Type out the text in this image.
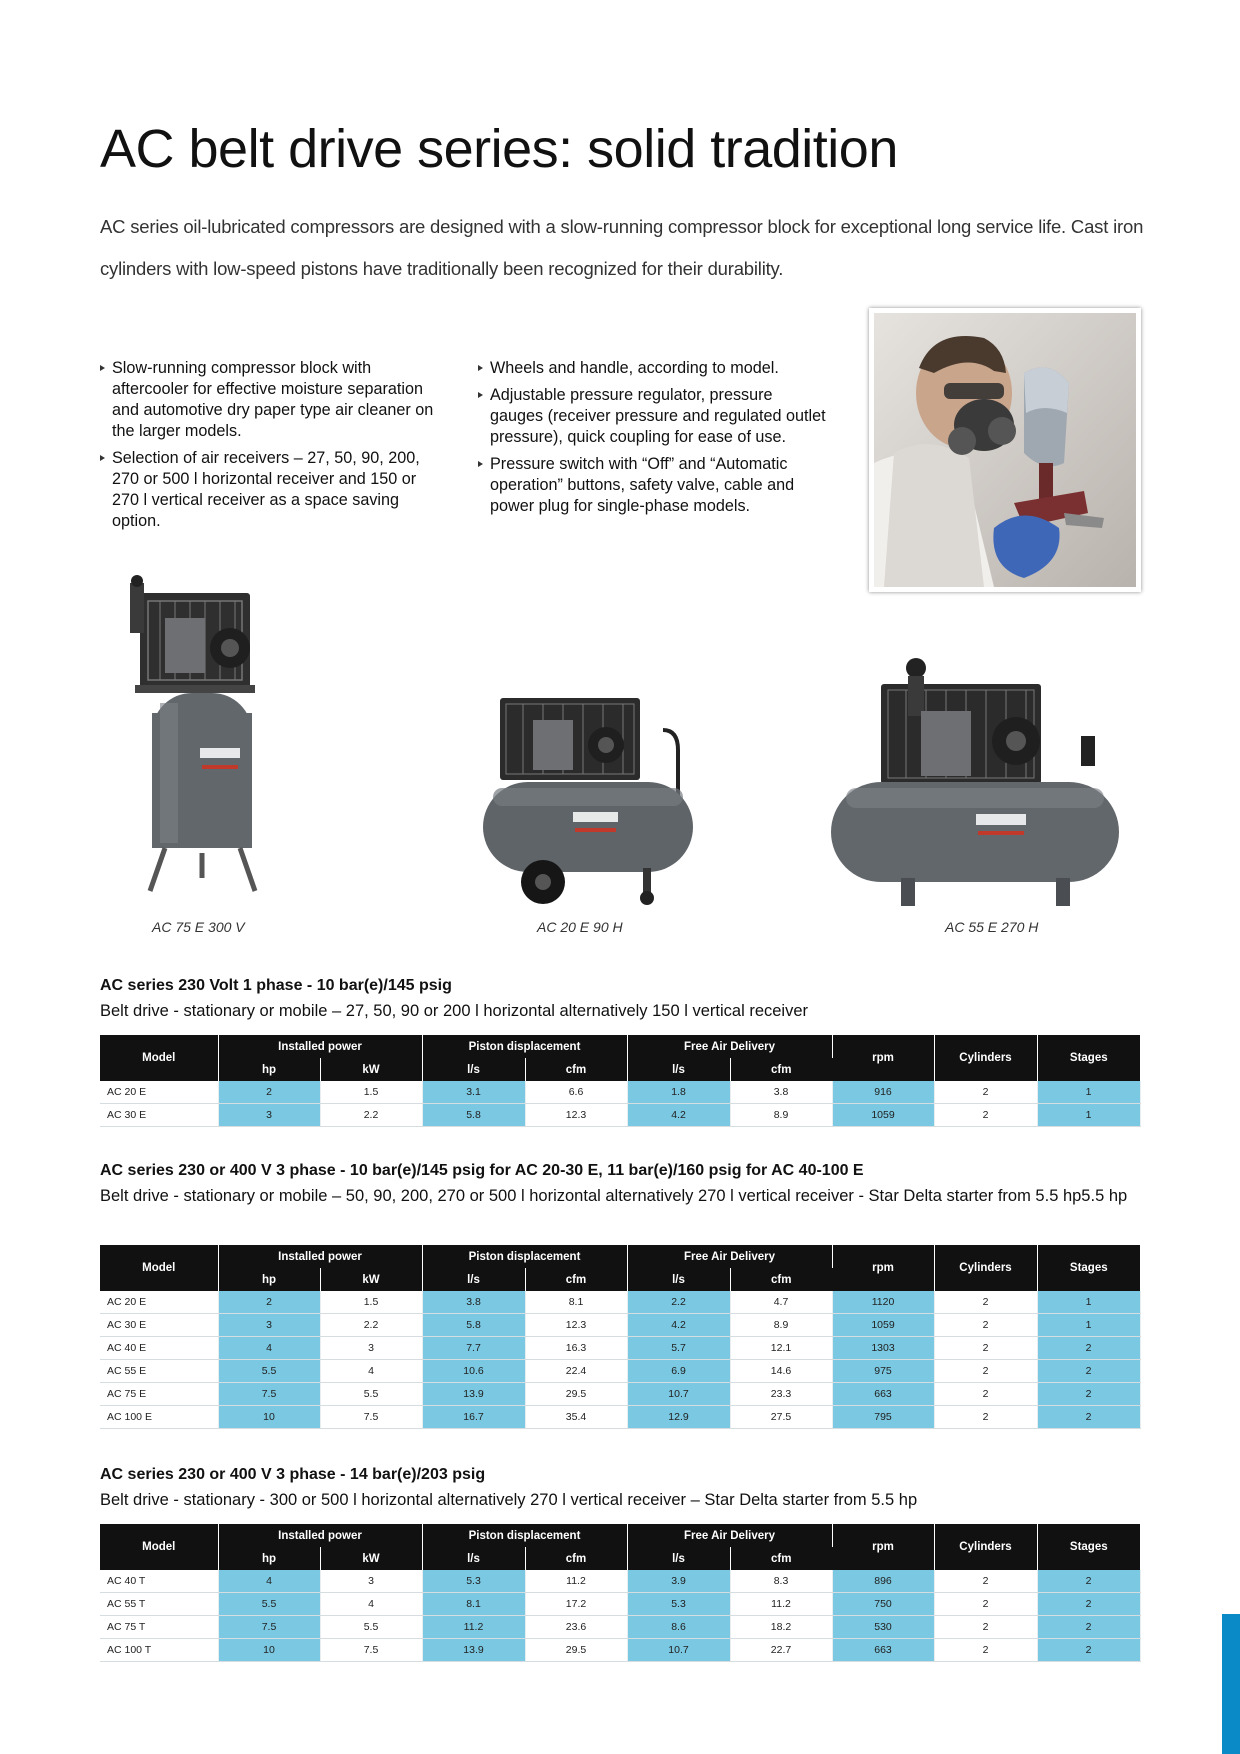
AC belt drive series: solid tradition

AC series oil-lubricated compressors are designed with a slow-running compressor block for exceptional long service life. Cast iron cylinders with low-speed pistons have traditionally been recognized for their durability.

Slow-running compressor block with aftercooler for effective moisture separation and automotive dry paper type air cleaner on the larger models.
Selection of air receivers – 27, 50, 90, 200, 270 or 500 l horizontal receiver and 150 or 270 l vertical receiver as a space saving option.
Wheels and handle, according to model.
Adjustable pressure regulator, pressure gauges (receiver pressure and regulated outlet pressure), quick coupling for ease of use.
Pressure switch with “Off” and “Automatic operation” buttons, safety valve, cable and power plug for single-phase models.
AC 75 E 300 V	AC 20 E 90 H	AC 55 E 270 H
AC series 230 Volt 1 phase - 10 bar(e)/145 psig
Belt drive - stationary or mobile – 27, 50, 90 or 200 l horizontal alternatively 150 l vertical receiver
Model	Installed power		Piston displacement		Free Air Delivery		rpm	Cylinders	Stages
	hp	kW	l/s	cfm	l/s	cfm			
AC 20 E	2	1.5	3.1	6.6	1.8	3.8	916	2	1
AC 30 E	3	2.2	5.8	12.3	4.2	8.9	1059	2	1
AC series 230 or 400 V 3 phase - 10 bar(e)/145 psig for AC 20-30 E, 11 bar(e)/160 psig for AC 40-100 E
Belt drive - stationary or mobile – 50, 90, 200, 270 or 500 l horizontal alternatively 270 l vertical receiver - Star Delta starter from 5.5 hp5.5 hp
Model	Installed power		Piston displacement		Free Air Delivery		rpm	Cylinders	Stages
	hp	kW	l/s	cfm	l/s	cfm			
AC 20 E	2	1.5	3.8	8.1	2.2	4.7	1120	2	1
AC 30 E	3	2.2	5.8	12.3	4.2	8.9	1059	2	1
AC 40 E	4	3	7.7	16.3	5.7	12.1	1303	2	2
AC 55 E	5.5	4	10.6	22.4	6.9	14.6	975	2	2
AC 75 E	7.5	5.5	13.9	29.5	10.7	23.3	663	2	2
AC 100 E	10	7.5	16.7	35.4	12.9	27.5	795	2	2
AC series 230 or 400 V 3 phase - 14 bar(e)/203 psig
Belt drive - stationary - 300 or 500 l horizontal alternatively 270 l vertical receiver – Star Delta starter from 5.5 hp
Model	Installed power		Piston displacement		Free Air Delivery		rpm	Cylinders	Stages
	hp	kW	l/s	cfm	l/s	cfm			
AC 40 T	4	3	5.3	11.2	3.9	8.3	896	2	2
AC 55 T	5.5	4	8.1	17.2	5.3	11.2	750	2	2
AC 75 T	7.5	5.5	11.2	23.6	8.6	18.2	530	2	2
AC 100 T	10	7.5	13.9	29.5	10.7	22.7	663	2	2
